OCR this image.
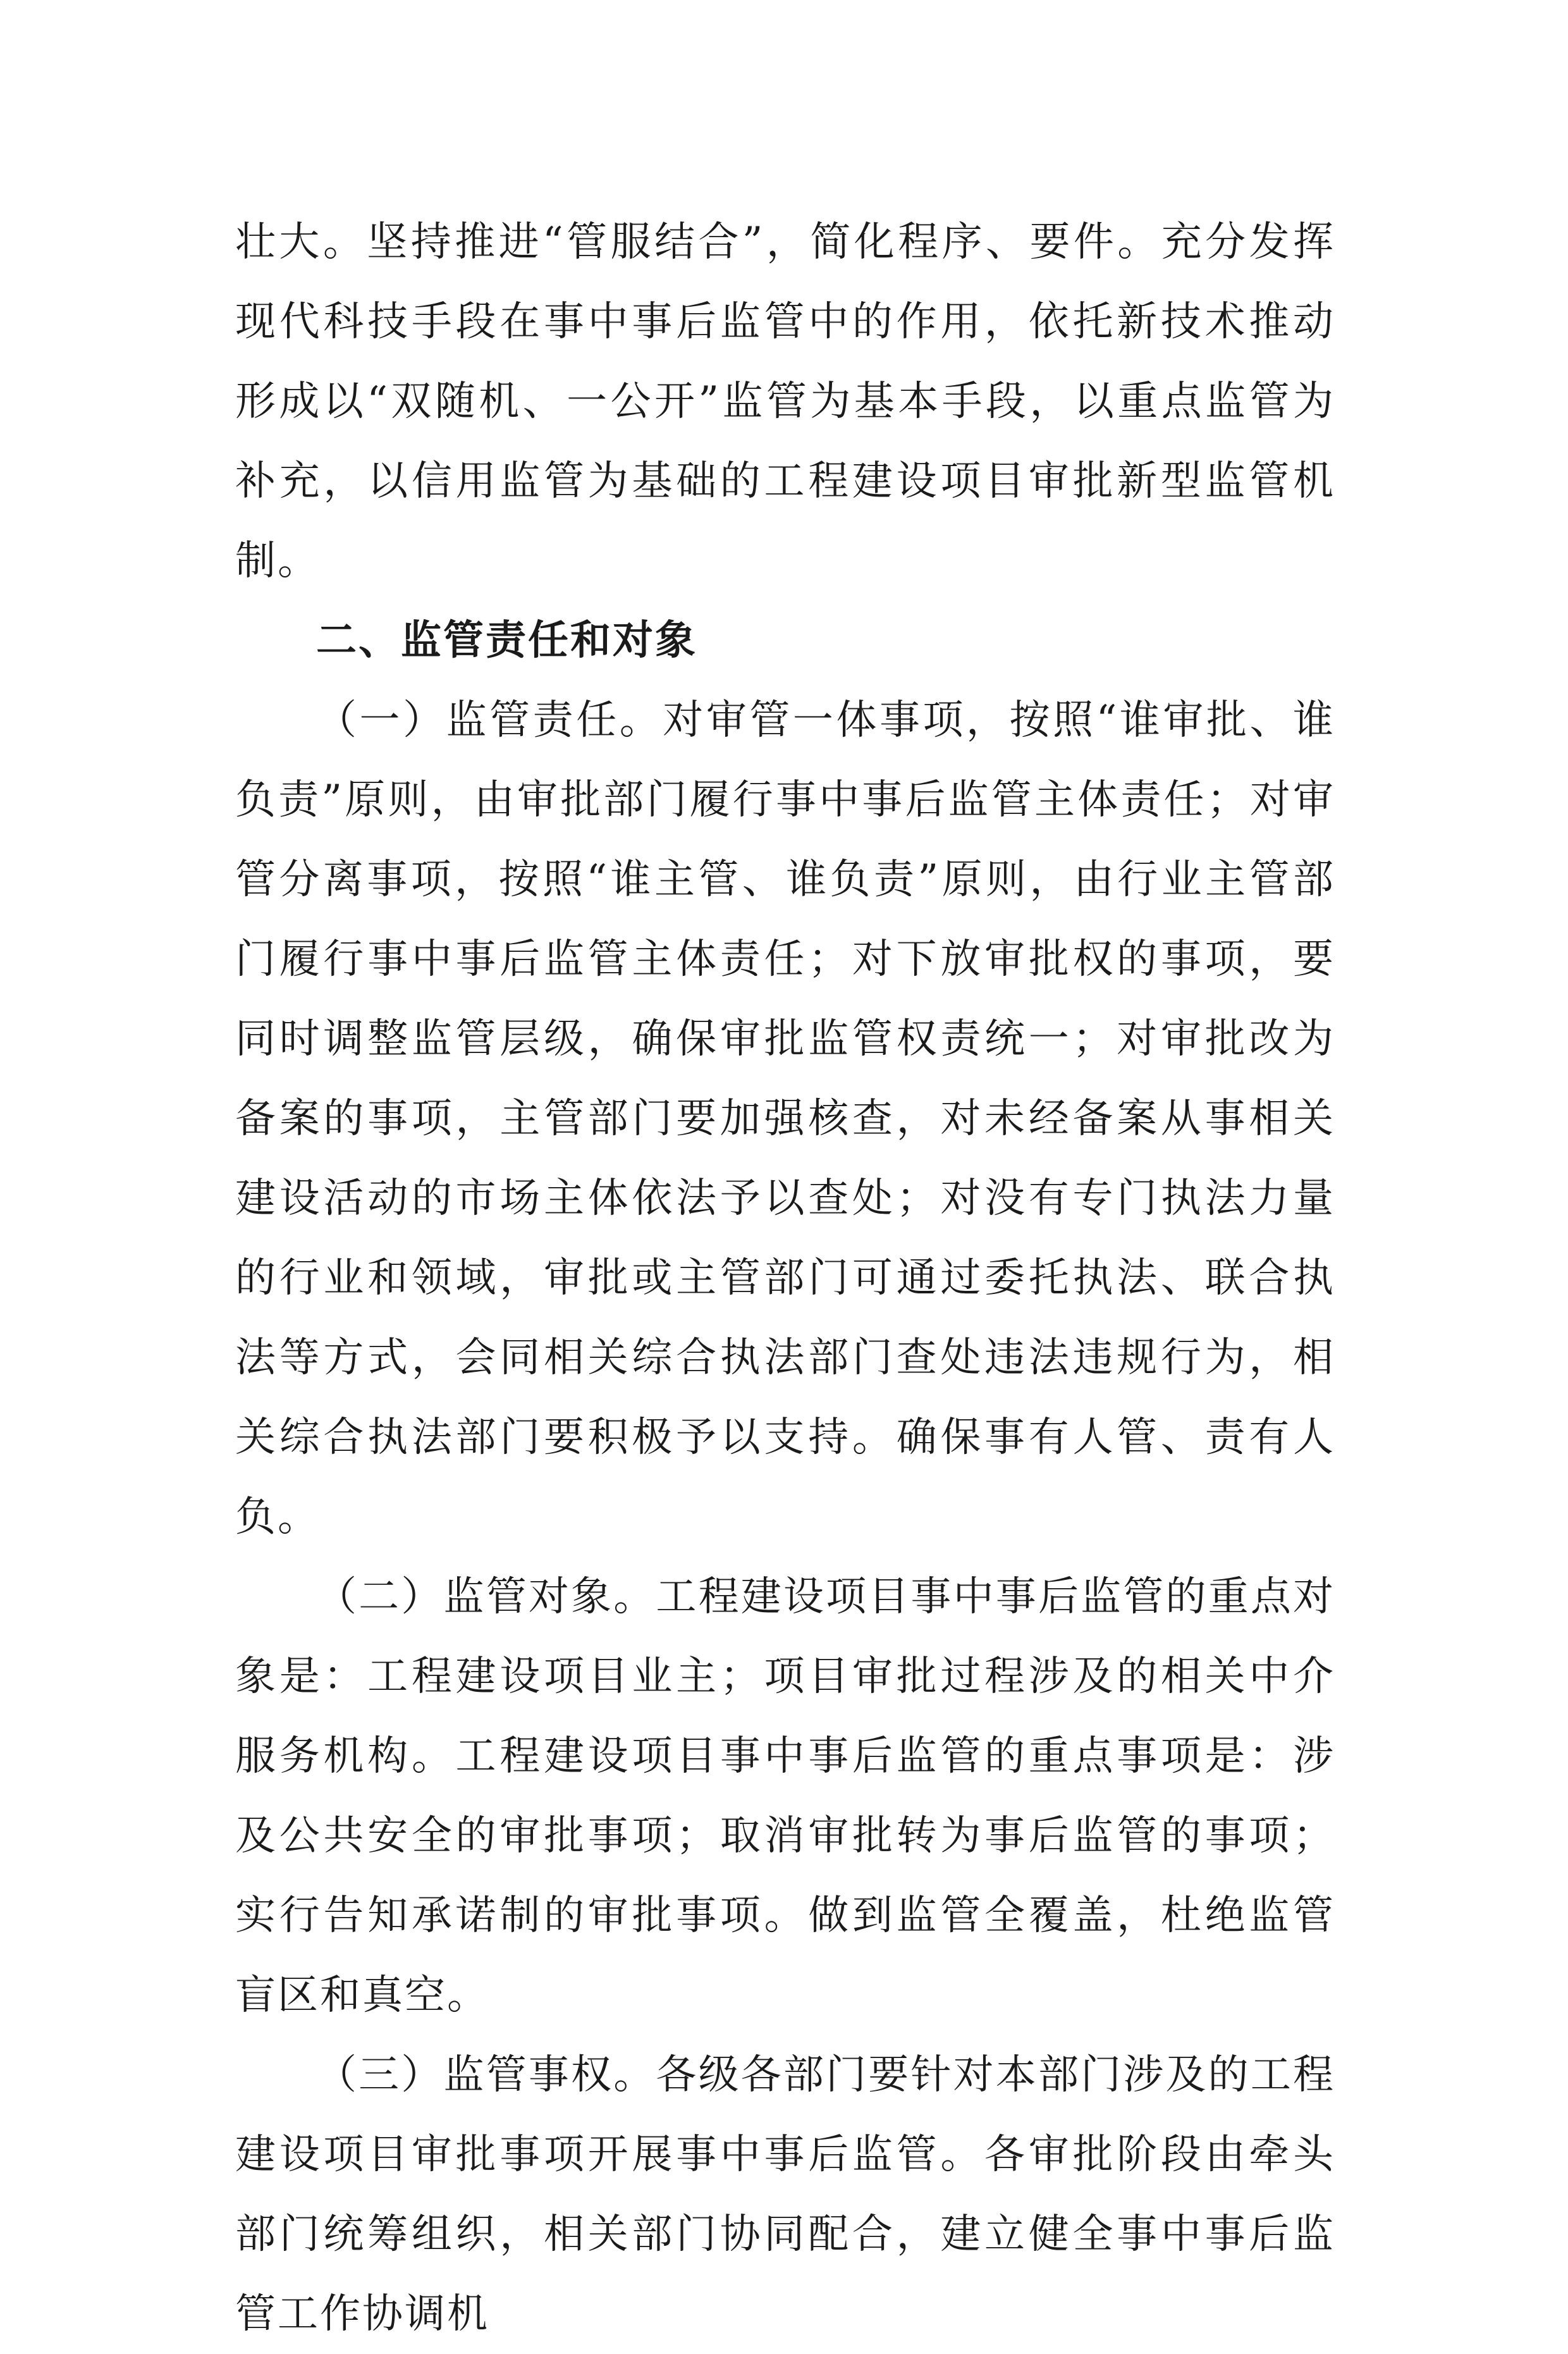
壮大。坚持推进“管服结合”，简化程序、要件。充分发挥现代科技手段在事中事后监管中的作用，依托新技术推动形成以“双随机、一公开”监管为基本手段，以重点监管为补充，以信用监管为基础的工程建设项目审批新型监管机制。

二、监管责任和对象

（一）监管责任。对审管一体事项，按照“谁审批、谁负责”原则，由审批部门履行事中事后监管主体责任；对审管分离事项，按照“谁主管、谁负责”原则，由行业主管部门履行事中事后监管主体责任；对下放审批权的事项，要同时调整监管层级，确保审批监管权责统一；对审批改为备案的事项，主管部门要加强核查，对未经备案从事相关建设活动的市场主体依法予以查处；对没有专门执法力量的行业和领域，审批或主管部门可通过委托执法、联合执法等方式，会同相关综合执法部门查处违法违规行为，相关综合执法部门要积极予以支持。确保事有人管、责有人负。

（二）监管对象。工程建设项目事中事后监管的重点对象是：工程建设项目业主；项目审批过程涉及的相关中介服务机构。工程建设项目事中事后监管的重点事项是：涉及公共安全的审批事项；取消审批转为事后监管的事项；实行告知承诺制的审批事项。做到监管全覆盖，杜绝监管盲区和真空。

（三）监管事权。各级各部门要针对本部门涉及的工程建设项目审批事项开展事中事后监管。各审批阶段由牵头部门统筹组织，相关部门协同配合，建立健全事中事后监管工作协调机
